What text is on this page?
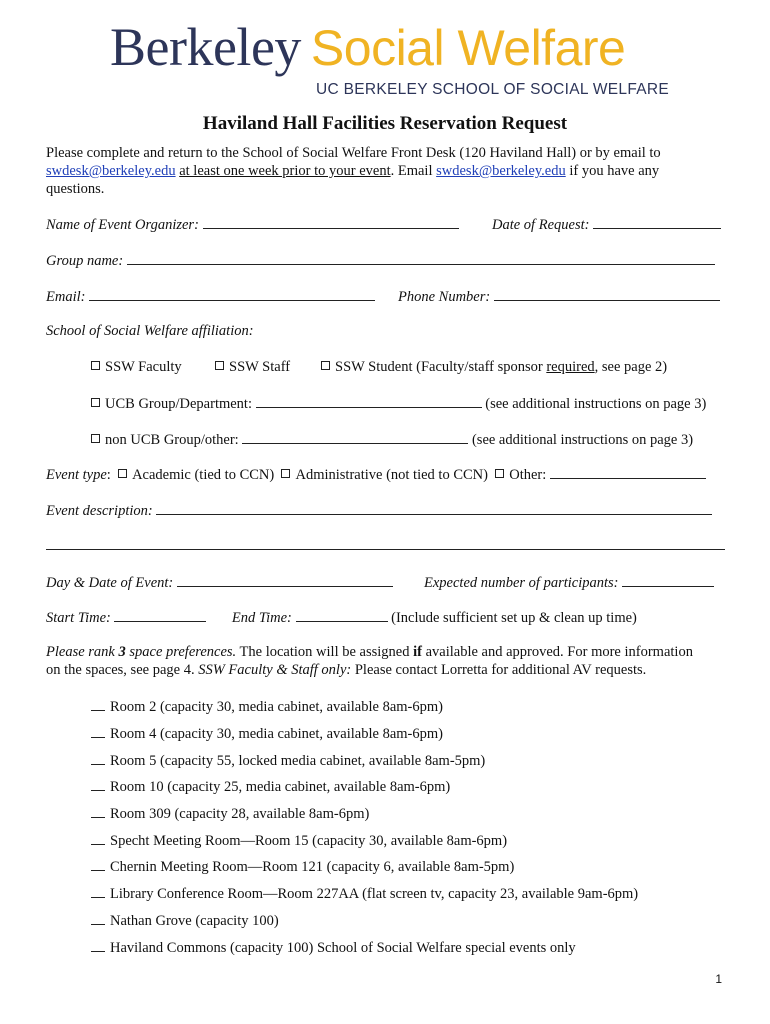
Berkeley Social Welfare
UC BERKELEY SCHOOL OF SOCIAL WELFARE
Haviland Hall Facilities Reservation Request
Please complete and return to the School of Social Welfare Front Desk (120 Haviland Hall) or by email to
swdesk@berkeley.edu at least one week prior to your event. Email swdesk@berkeley.edu if you have any
questions.
Name of Event Organizer:	Date of Request:
Group name:
Email:	Phone Number:
School of Social Welfare affiliation:
SSW Faculty	SSW Staff	SSW Student (Faculty/staff sponsor required, see page 2)
UCB Group/Department:	(see additional instructions on page 3)
non UCB Group/other:	(see additional instructions on page 3)
Event type:  Academic (tied to CCN) Administrative (not tied to CCN) Other:
Event description:
Day & Date of Event:	Expected number of participants:
Start Time:	End Time:	(Include sufficient set up & clean up time)
Please rank 3 space preferences. The location will be assigned if available and approved. For more information
on the spaces, see page 4. SSW Faculty & Staff only: Please contact Lorretta for additional AV requests.
Room 2 (capacity 30, media cabinet, available 8am-6pm)
Room 4 (capacity 30, media cabinet, available 8am-6pm)
Room 5 (capacity 55, locked media cabinet, available 8am-5pm)
Room 10 (capacity 25, media cabinet, available 8am-6pm)
Room 309 (capacity 28, available 8am-6pm)
Specht Meeting Room—Room 15 (capacity 30, available 8am-6pm)
Chernin Meeting Room—Room 121 (capacity 6, available 8am-5pm)
Library Conference Room—Room 227AA (flat screen tv, capacity 23, available 9am-6pm)
Nathan Grove (capacity 100)
Haviland Commons (capacity 100) School of Social Welfare special events only
1
